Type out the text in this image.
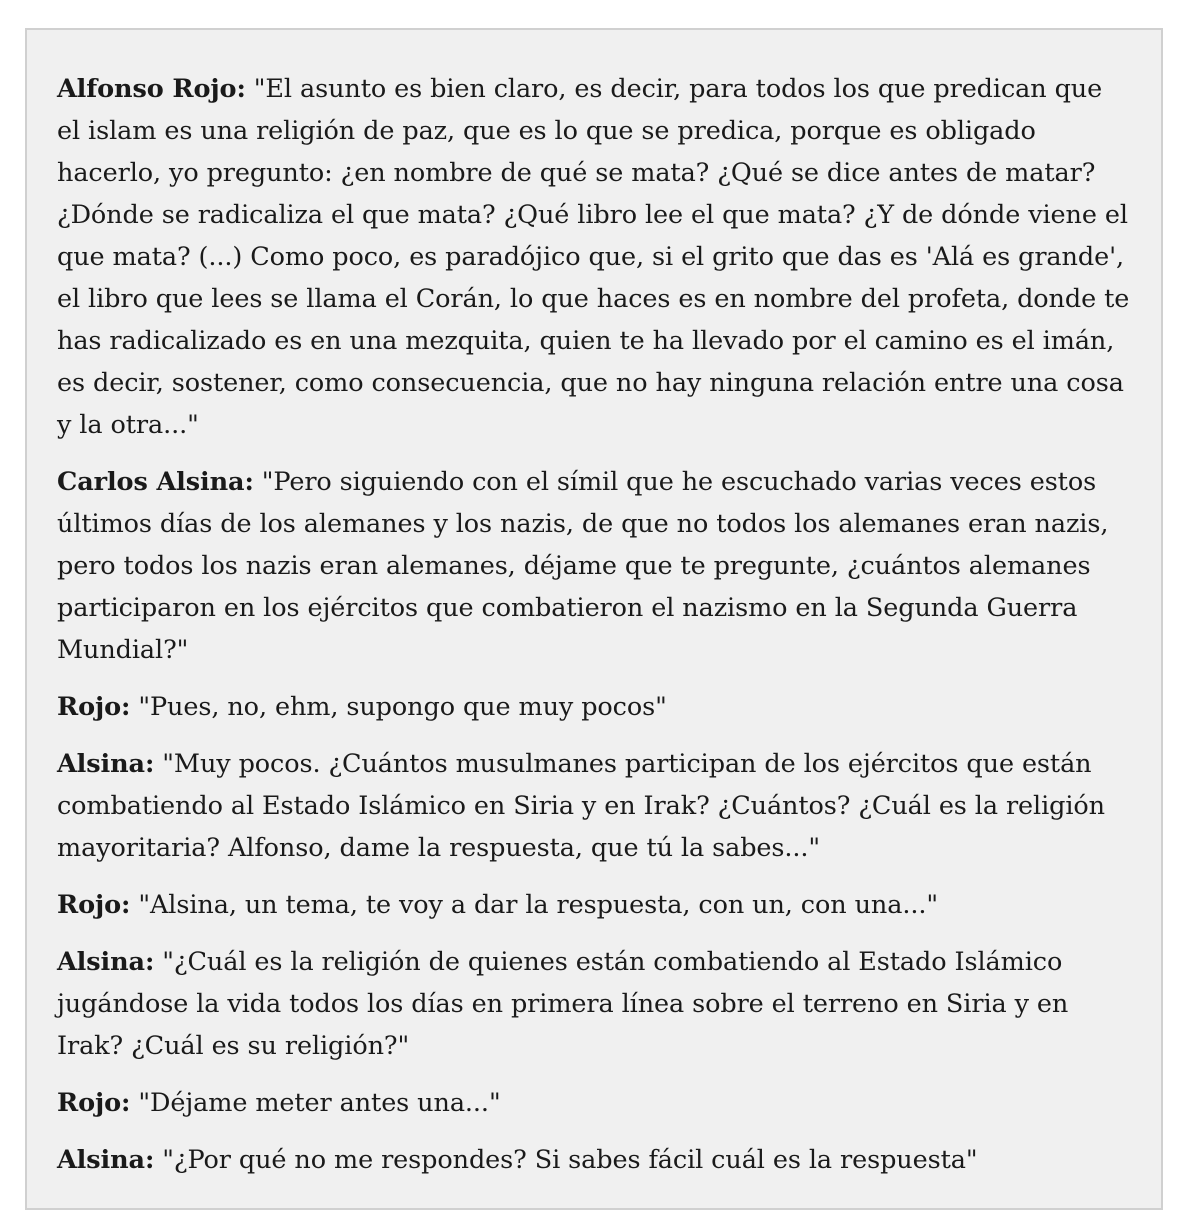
Alfonso Rojo: "El asunto es bien claro, es decir, para todos los que predican que el islam es una religión de paz, que es lo que se predica, porque es obligado hacerlo, yo pregunto: ¿en nombre de qué se mata? ¿Qué se dice antes de matar? ¿Dónde se radicaliza el que mata? ¿Qué libro lee el que mata? ¿Y de dónde viene el que mata? (...) Como poco, es paradójico que, si el grito que das es 'Alá es grande', el libro que lees se llama el Corán, lo que haces es en nombre del profeta, donde te has radicalizado es en una mezquita, quien te ha llevado por el camino es el imán, es decir, sostener, como consecuencia, que no hay ninguna relación entre una cosa y la otra..."

Carlos Alsina: "Pero siguiendo con el símil que he escuchado varias veces estos últimos días de los alemanes y los nazis, de que no todos los alemanes eran nazis, pero todos los nazis eran alemanes, déjame que te pregunte, ¿cuántos alemanes participaron en los ejércitos que combatieron el nazismo en la Segunda Guerra Mundial?"

Rojo: "Pues, no, ehm, supongo que muy pocos"

Alsina: "Muy pocos. ¿Cuántos musulmanes participan de los ejércitos que están combatiendo al Estado Islámico en Siria y en Irak? ¿Cuántos? ¿Cuál es la religión mayoritaria? Alfonso, dame la respuesta, que tú la sabes..."

Rojo: "Alsina, un tema, te voy a dar la respuesta, con un, con una..."

Alsina: "¿Cuál es la religión de quienes están combatiendo al Estado Islámico jugándose la vida todos los días en primera línea sobre el terreno en Siria y en Irak? ¿Cuál es su religión?"

Rojo: "Déjame meter antes una..."

Alsina: "¿Por qué no me respondes? Si sabes fácil cuál es la respuesta"
